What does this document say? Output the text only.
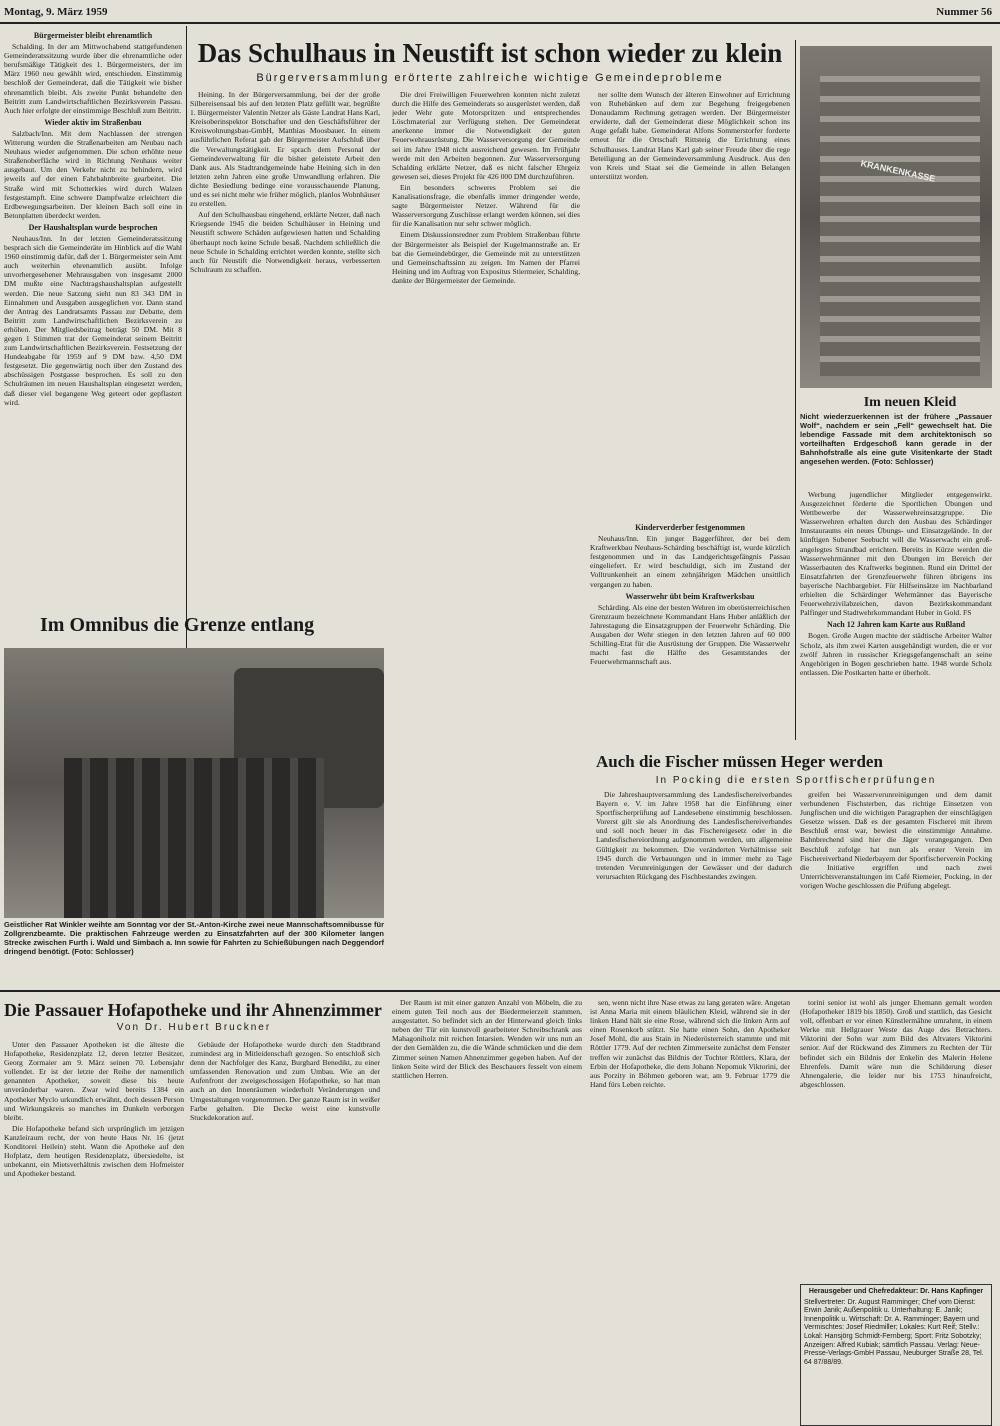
Montag, 9. März 1959	Nummer 56

Bürgermeister bleibt ehrenamtlich

Schalding. In der am Mittwochabend stattgefundenen Gemeinderatssitzung wurde über die ehrenamtliche oder berufsmäßige Tätigkeit des 1. Bürgermeisters, der im März 1960 neu gewählt wird, entschieden. Einstimmig beschloß der Gemeinderat, daß die Tätigkeit wie bisher ehrenamtlich bleibt. Als zweite Punkt behandelte den Beitritt zum Landwirtschaftlichen Bezirksverein Passau. Auch hier erfolgte der einstimmige Beschluß zum Beitritt.

Wieder aktiv im Straßenbau

Salzbach/Inn. Mit dem Nachlassen der strengen Witterung wurden die Straßenarbeiten am Neubau nach Neuhaus wieder aufgenommen. Die schon erhöhte neue Straßenoberfläche wird in Richtung Neuhaus weiter ausgebaut. Um den Verkehr nicht zu behindern, wird jeweils auf der einen Fahrbahnbreite gearbeitet. Die Straße wird mit Schotterkies wird durch Walzen festgestampft. Eine schwere Dampfwalze erleichtert die Erdbewegungsarbeiten. Der kleinen Bach soll eine in Betonplatten überdeckt werden.

Der Haushaltsplan wurde besprochen

Neuhaus/Inn. In der letzten Gemeinderatssitzung besprach sich die Gemeinderäte im Hinblick auf die Wahl 1960 einstimmig dafür, daß der 1. Bürgermeister sein Amt auch weiterhin ehrenamtlich ausübt. Infolge unvorhergesehener Mehrausgaben von insgesamt 2000 DM mußte eine Nachtragshaushaltsplan aufgestellt werden. Die neue Satzung sieht nun 83 343 DM in Einnahmen und Ausgaben ausgeglichen vor. Dann stand der Antrag des Landratsamts Passau zur Debatte, dem Beitritt zum Landwirtschaftlichen Bezirksverein zu erhöhen. Der Mitgliedsbeitrag beträgt 50 DM. Mit 8 gegen 1 Stimmen trat der Gemeinderat seinem Beitritt zum Landwirtschaftlichen Bezirksverein. Festsetzung der Hundeabgabe für 1959 auf 9 DM bzw. 4,50 DM festgesetzt. Die gegenwärtig noch über den Zustand des abschüssigen Postgasse besprochen. Es soll zu den Schulräumen im neuen Haushaltsplan eingesetzt werden, daß dieser viel begangene Weg geteert oder gepflastert wird.

Das Schulhaus in Neustift ist schon wieder zu klein
Bürgerversammlung erörterte zahlreiche wichtige Gemeindeprobleme

Heining. In der Bürgerversammlung, bei der der große Silbereisensaal bis auf den letzten Platz gefüllt war, begrüßte 1. Bürgermeister Valentin Netzer als Gäste Landrat Hans Karl, Kreisoberinspektor Botschafter und den Geschäftsführer der Kreiswohnungsbau-GmbH, Matthias Moosbauer. In einem ausführlichen Referat gab der Bürgermeister Aufschluß über die Verwaltungstätigkeit. Er sprach dem Personal der Gemeindeverwaltung für die bisher geleistete Arbeit den Dank aus. Als Stadtrandgemeinde habe Heining sich in den letzten zehn Jahren eine große Umwandlung erfahren. Die dichte Besiedlung bedinge eine vorausschauende Planung, und es sei nicht mehr wie früher möglich, planlos Wohnhäuser zu erstellen.

Auf den Schulhausbau eingehend, erklärte Netzer, daß nach Kriegsende 1945 die beiden Schulhäuser in Heining und Neustift schwere Schäden aufgewiesen hatten und Schalding überhaupt noch keine Schule besaß. Nachdem schließlich die neue Schule in Schalding errichtet werden konnte, stellte sich auch für Neustift die Notwendigkeit heraus, verbesserten Schulraum zu schaffen.

Die drei Freiwilligen Feuerwehren konnten nicht zuletzt durch die Hilfe des Gemeinderats so ausgerüstet werden, daß jeder Wehr gute Motorspritzen und entsprechendes Löschmaterial zur Verfügung stehen. Der Gemeinderat anerkenne immer die Notwendigkeit der guten Feuerwehrausrüstung. Die Wasserversorgung der Gemeinde sei im Jahre 1948 nicht ausreichend gewesen. Im Frühjahr werde mit den Arbeiten begonnen. Zur Wasserversorgung Schalding erklärte Netzer, daß es nicht falscher Ehrgeiz gewesen sei, dieses Projekt für 426 000 DM durchzuführen.

Ein besonders schweres Problem sei die Kanalisationsfrage, die ebenfalls immer dringender werde, sagte Bürgermeister Netzer. Während für die Wasserversorgung Zuschüsse erlangt werden können, sei dies für die Kanalisation nur sehr schwer möglich.

Einem Diskussionsredner zum Problem Straßenbau führte der Bürgermeister als Beispiel der Kugelmannstraße an. Er bat die Gemeindebürger, die Gemeinde mit zu unterstützen und Gemeinschaftssinn zu zeigen. Im Namen der Pfarrei Heining und im Auftrag von Expositus Stiermeier, Schalding, dankte der Bürgermeister der Gemeinde.

ner sollte dem Wunsch der älteren Einwohner auf Errichtung von Ruhebänken auf dem zur Begehung freigegebenen Donaudamm Rechnung getragen werden. Der Bürgermeister erwiderte, daß der Gemeinderat diese Möglichkeit schon ins Auge gefaßt habe. Gemeinderat Alfons Sommerstorfer forderte erneut für die Ortschaft Rittsteig die Errichtung eines Schulhauses. Landrat Hans Karl gab seiner Freude über die rege Beteiligung an der Gemeindeversammlung Ausdruck. Aus den von Kreis und Staat sei die Gemeinde in allen Belangen unterstützt worden.	KRANKENKASSE
Im neuen Kleid
Nicht wiederzuerkennen ist der frühere „Passauer Wolf“, nachdem er sein „Fell“ gewechselt hat. Die lebendige Fassade mit dem architektonisch so vorteilhaften Erdgeschoß kann gerade in der Bahnhofstraße als eine gute Visitenkarte der Stadt angesehen werden. (Foto: Schlosser)

Kinderverderber festgenommen

Neuhaus/Inn. Ein junger Baggerführer, der bei dem Kraftwerkbau Neuhaus-Schärding beschäftigt ist, wurde kürzlich festgenommen und in das Landgerichtsgefängnis Passau eingeliefert. Er wird beschuldigt, sich im Zustand der Volltrunkenheit an einem zehnjährigen Mädchen unsittlich vergangen zu haben.

Wasserwehr übt beim Kraftwerksbau

Schärding. Als eine der besten Wehren im oberösterreichischen Grenzraum bezeichnete Kommandant Hans Huber anläßlich der Jahrestagung die Einsatzgruppen der Feuerwehr Schärding. Die Ausgaben der Wehr stiegen in den letzten Jahren auf 60 000 Schilling-Etat für die Ausrüstung der Gruppen. Die Wasserwehr macht fast die Hälfte des Gesamtstandes der Feuerwehrmannschaft aus.

Werbung jugendlicher Mitglieder entgegenwirkt. Ausgezeichnet förderte die Sportlichen Übungen und Wettbewerbe der Wasserwehreinsatzgruppe. Die Wasserwehren erhalten durch den Ausbau des Schärdinger Innstauraums ein neues Übungs- und Einsatzgelände. In der künftigen Subener Seebucht will die Wasserwacht ein groß- angelegtes Strandbad errichten. Bereits in Kürze werden die Wasserwehrmänner mit den Übungen im Bereich der Wasserbauten des Kraftwerks beginnen. Rund ein Drittel der Einsatzfahrten der Grenzfeuerwehr führen übrigens ins bayerische Nachbargebiet. Für Hilfseinsätze im Nachbarland erhielten die Schärdinger Wehrmänner das Bayerische Feuerwehrzivilabzeichen, davon Bezirkskommandant Palfinger und Stadtwehrkommandant Huber in Gold. FS

Nach 12 Jahren kam Karte aus Rußland

Bogen. Große Augen machte der städtische Arbeiter Walter Scholz, als ihm zwei Karten ausgehändigt wurden, die er vor zwölf Jahren in russischer Kriegsgefangenschaft an seine Angehörigen in Bogen geschrieben hatte. 1948 wurde Scholz entlassen. Die Postkarten hatte er überholt.

Im Omnibus die Grenze entlang
Geistlicher Rat Winkler weihte am Sonntag vor der St.-Anton-Kirche zwei neue Mannschaftsomnibusse für Zollgrenzbeamte. Die praktischen Fahrzeuge werden zu Einsatzfahrten auf der 300 Kilometer langen Strecke zwischen Furth i. Wald und Simbach a. Inn sowie für Fahrten zu Schießübungen nach Deggendorf dringend benötigt. (Foto: Schlosser)
Auch die Fischer müssen Heger werden
In Pocking die ersten Sportfischerprüfungen

Die Jahreshauptversammlung des Landesfischereiverbandes Bayern e. V. im Jahre 1958 hat die Einführung einer Sportfischerprüfung auf Landesebene einstimmig beschlossen. Vorerst gilt sie als Anordnung des Landesfischereiverbandes und soll noch heuer in das Fischereigesetz oder in die Landesfischereiordnung aufgenommen werden, um allgemeine Gültigkeit zu bekommen. Die veränderten Verhältnisse seit 1945 durch die Verbauungen und in immer mehr zu Tage tretenden Verunreinigungen der Gewässer und der dadurch verursachten Rückgang des Fischbestandes zwingen.

greifen bei Wasserverunreinigungen und dem damit verbundenen Fischsterben, das richtige Einsetzen von Jungfischen und die wichtigen Paragraphen der einschlägigen Gesetze wissen. Daß es der gesamten Fischerei mit ihrem Beschluß ernst war, bewiest die einstimmige Annahme. Bahnbrechend sind hier die Jäger vorangegangen. Den Beschluß zufolge hat nun als erster Verein im Fischereiverband Niederbayern der Sportfischerverein Pocking die Initiative ergriffen und nach zwei Unterrichtsveranstaltungen im Café Riemeier, Pocking, in der vorigen Woche geschlossen die Prüfung abgelegt.

Die Passauer Hofapotheke und ihr Ahnenzimmer
Von Dr. Hubert Bruckner

Unter den Passauer Apotheken ist die älteste die Hofapotheke, Residenzplatz 12, deren letzter Besitzer, Georg Zormaier am 9. März seinen 70. Lebensjahr vollendet. Er ist der letzte der Reihe der namentlich genannten Apotheker, soweit diese bis heute unveränderbar waren. Zwar wird bereits 1384 ein Apotheker Myclo urkundlich erwähnt, doch dessen Person und Wirkungskreis so manches im Dunkeln verborgen bleibt.

Die Hofapotheke befand sich ursprünglich im jetzigen Kanzleiraum recht, der von heute Haus Nr. 16 (jetzt Konditorei Heilein) steht. Wann die Apotheke auf den Hofplatz, dem heutigen Residenzplatz, übersiedelte, ist unbekannt, ein Mietsverhältnis zwischen dem Hofmeister und Apotheker bestand.

Gebäude der Hofapotheke wurde durch den Stadtbrand zumindest arg in Mitleidenschaft gezogen. So entschloß sich denn der Nachfolger des Kanz, Burghard Benedikt, zu einer umfassenden Renovation und zum Umbau. Wie an der Aufenfront der zweigeschossigen Hofapotheke, so hat man auch an den Innenräumen wiederholt Veränderungen und Umgestaltungen vorgenommen. Der ganze Raum ist in weißer Farbe gehalten. Die Decke weist eine kunstvolle Stuckdekoration auf.

Der Raum ist mit einer ganzen Anzahl von Möbeln, die zu einem guten Teil noch aus der Biedermeierzeit stammen, ausgestattet. So befindet sich an der Hinterwand gleich links neben der Tür ein kunstvoll gearbeiteter Schreibschrank aus Mahagoniholz mit reichen Intarsien. Wenden wir uns nun an der den Gemälden zu, die die Wände schmücken und die dem Zimmer seinen Namen Ahnenzimmer gegeben haben. Auf der linken Seite wird der Blick des Beschauers fesselt von einem stattlichen Herren.

sen, wenn nicht ihre Nase etwas zu lang geraten wäre. Angetan ist Anna Maria mit einem bläulichen Kleid, während sie in der linken Hand hält sie eine Rose, während sich die linken Arm auf einen Rosenkorb stützt. Sie hatte einen Sohn, den Apotheker Josef Mohl, die aus Stain in Niederösterreich stammte und mit Röttler 1779. Auf der rechten Zimmerseite zunächst dem Fenster treffen wir zunächst das Bildnis der Tochter Röttlers, Klara, der Erbin der Hofapotheke, die dem Johann Nepomuk Viktorini, der aus Porzity in Böhmen geboren war, am 9. Februar 1779 die Hand fürs Leben reichte.

torini senior ist wohl als junger Ehemann gemalt worden (Hofapotheker 1819 bis 1850). Groß und stattlich, das Gesicht voll, offenbart er vor einen Künstlermähne umrahmt, in einem Werke mit Hellgrauer Weste das Auge des Betrachters. Viktorini der Sohn war zum Bild des Altvaters Viktorini senior. Auf der Rückwand des Zimmers zu Rechten der Tür befindet sich ein Bildnis der Enkelin des Malerin Helene Ehrenfels. Damit wäre nun die Schilderung dieser Ahnengalerie, die leider nur bis 1753 hinaufreicht, abgeschlossen.

Herausgeber und Chefredakteur: Dr. Hans Kapfinger
Stellvertreter: Dr. August Ramminger; Chef vom Dienst: Erwin Janik; Außenpolitik u. Unterhaltung: E. Janik; Innenpolitik u. Wirtschaft: Dr. A. Ramminger; Bayern und Vermischtes: Josef Riedmiller; Lokales: Kurt Reif; Stellv.: Lokal: Hansjörg Schmidt-Fernberg; Sport: Fritz Sobotzky; Anzeigen: Alfred Kubiak; sämtlich Passau. Verlag: Neue-Presse-Verlags-GmbH Passau, Neuburger Straße 28, Tel. 64 87/88/89.
